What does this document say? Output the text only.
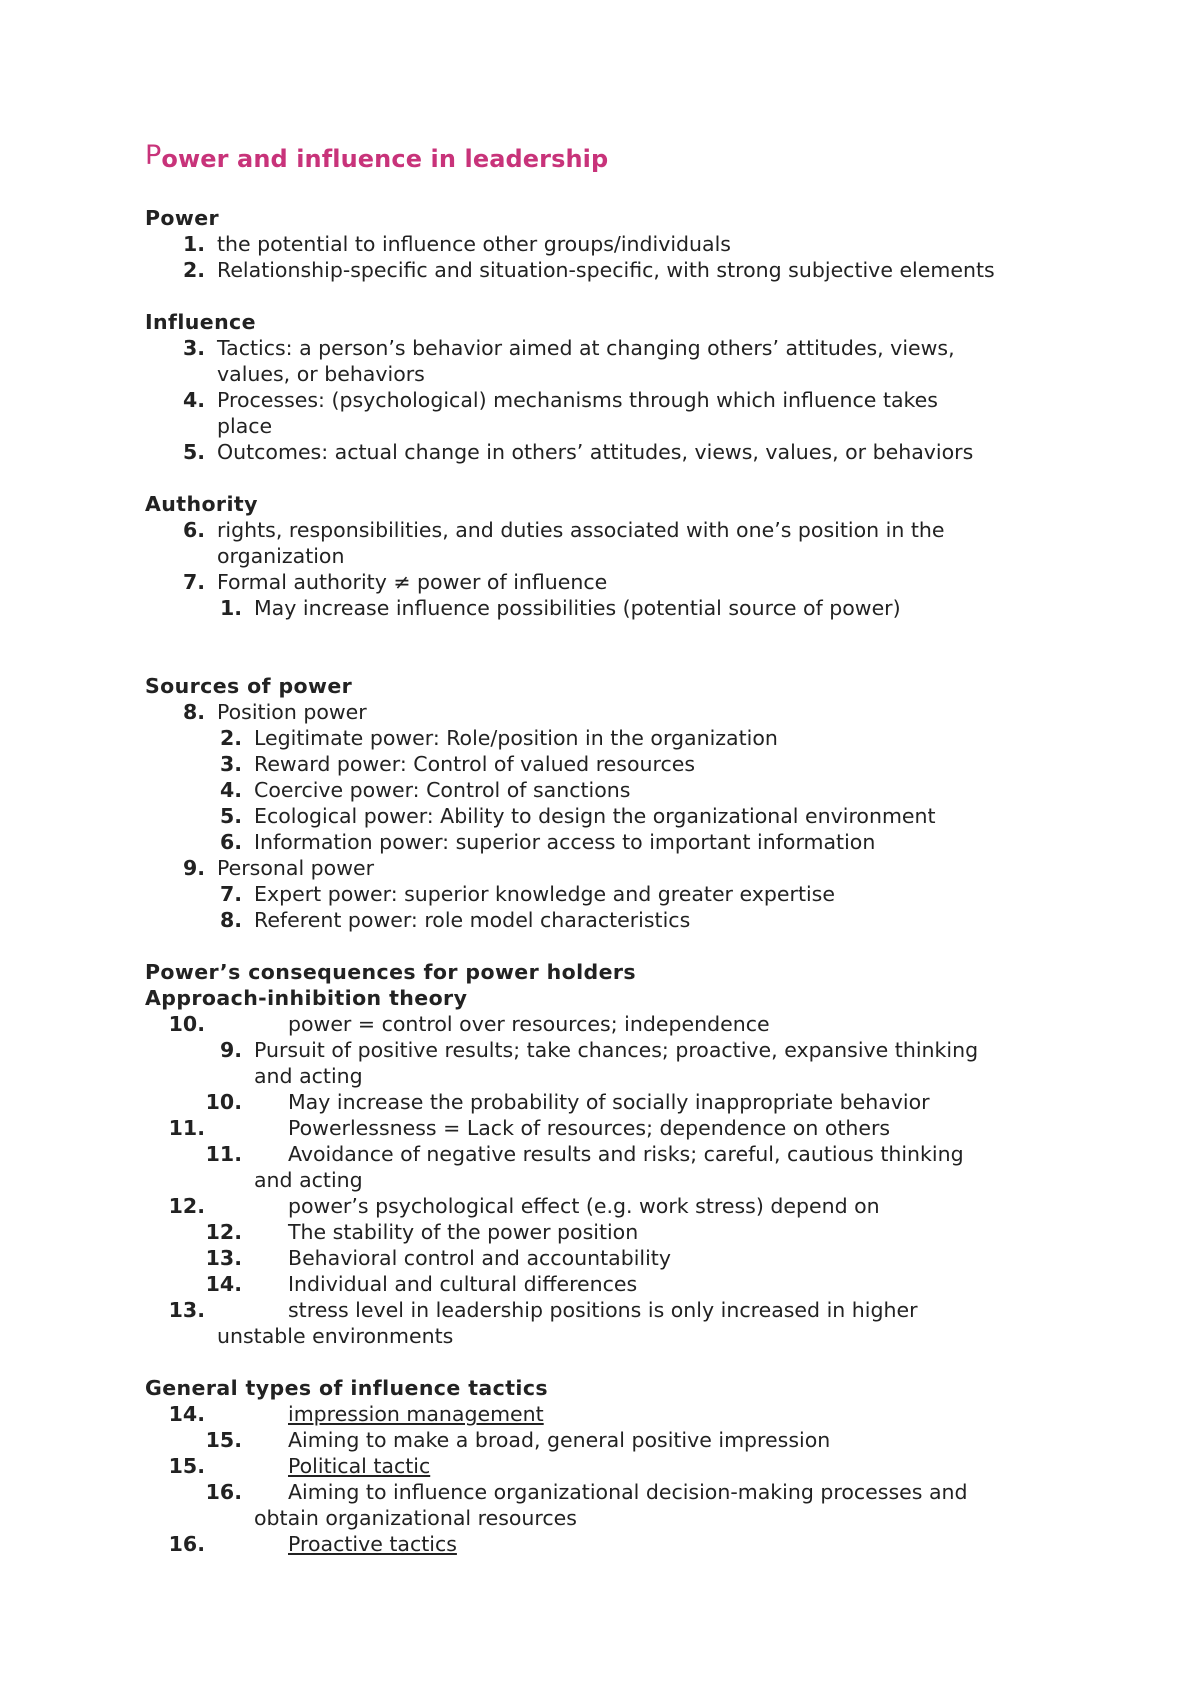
Power and influence in leadership
Power
1. the potential to influence other groups/individuals
2. Relationship-specific and situation-specific, with strong subjective elements
Influence
3. Tactics: a person’s behavior aimed at changing others’ attitudes, views,
values, or behaviors
4. Processes: (psychological) mechanisms through which influence takes
place
5. Outcomes: actual change in others’ attitudes, views, values, or behaviors
Authority
6. rights, responsibilities, and duties associated with one’s position in the
organization
7. Formal authority ≠ power of influence
1. May increase influence possibilities (potential source of power)
Sources of power
8. Position power
2. Legitimate power: Role/position in the organization
3. Reward power: Control of valued resources
4. Coercive power: Control of sanctions
5. Ecological power: Ability to design the organizational environment
6. Information power: superior access to important information
9. Personal power
7. Expert power: superior knowledge and greater expertise
8. Referent power: role model characteristics
Power’s consequences for power holders
Approach-inhibition theory
10.	power = control over resources; independence
9. Pursuit of positive results; take chances; proactive, expansive thinking
and acting
10. May increase the probability of socially inappropriate behavior
11.	Powerlessness = Lack of resources; dependence on others
11. Avoidance of negative results and risks; careful, cautious thinking
and acting
12.	power’s psychological effect (e.g. work stress) depend on
12. The stability of the power position
13. Behavioral control and accountability
14. Individual and cultural differences
13.	stress level in leadership positions is only increased in higher
unstable environments
General types of influence tactics
14.	impression management
15. Aiming to make a broad, general positive impression
15.	Political tactic
16. Aiming to influence organizational decision-making processes and
obtain organizational resources
16.	Proactive tactics
